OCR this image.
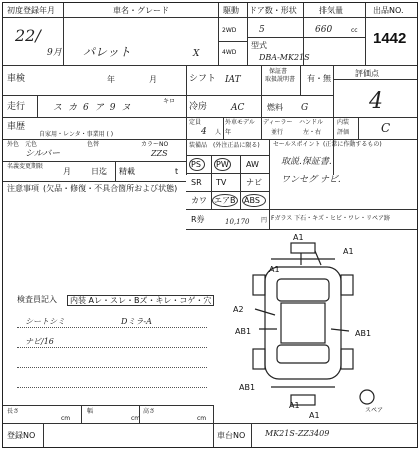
初度登録年月	車名・グレード	駆動 ドア数・形状	排気量	出品NO.
22/
9月 パレット	X
2WD
4WD
5	660	cc
型式
DBA-MK21S
1442
車検	年	月	シフト IAT
保証書
取扱説明書 有・無
評価点
4
走行	スカ6ア9ヌ
キロ
冷房	AC	燃料 G
車歴
自家用・レンタ・事業用 ( )
定員
4 人
外車モデル
年
ディーラー
並行
ハンドル
左・右
内装
評価	C
外色 元色	色替	カラーNO
シルバー	ZZS
名義変更期限
月	日迄 精載	t
装備品 (外注正品に限る) セールスポイント (正常に作動するもの)
取説.保証書.
ワンセグ ナビ.
PS PW AW
SR TV ナビ
カワ エアB ABS
R券	10,170 円
注意事項 (欠品・修復・不具合箇所および状態)
Fガラス 下石・キズ・ヒビ・ワレ・リペア跡
検査員記入	内装 Aレ・スレ・Bズ・キレ・コゲ・穴
シートシミ	Dミラ-A
ナビ/16
A1
A1
A1
A2
AB1	AB1
AB1
A1
A1
スペア
長さ
cm
幅
cm
高さ
cm
登録NO	車台NO MK21S-ZZ3409
